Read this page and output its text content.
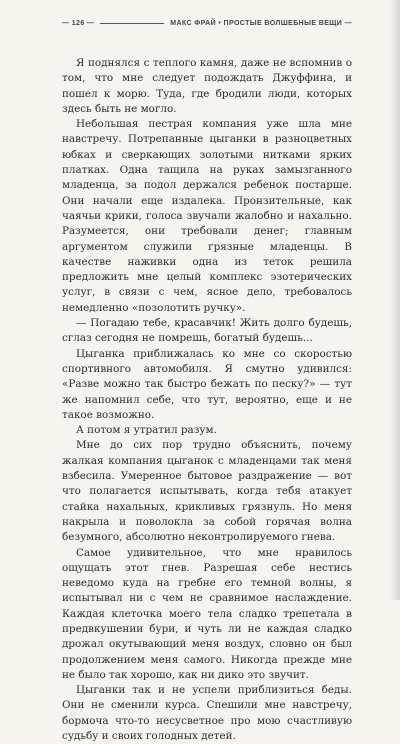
— 126 —	МАКС ФРАЙ • ПРОСТЫЕ ВОЛШЕБНЫЕ ВЕЩИ —

Я поднялся с теплого камня, даже не вспомнив о том, что мне следует подождать Джуффина, и пошел к морю. Туда, где бродили люди, которых здесь быть не могло.

Небольшая пестрая компания уже шла мне навстречу. Потрепанные цыганки в разноцветных юбках и сверкающих золотыми нитками ярких платках. Одна тащила на руках замызганного младенца, за подол держался ребенок постарше. Они начали еще издалека. Пронзительные, как чаячьи крики, голоса звучали жалобно и нахально. Разумеется, они требовали денег; главным аргументом служили грязные младенцы. В качестве наживки одна из теток решила предложить мне целый комплекс эзотерических услуг, в связи с чем, ясное дело, требовалось немедленно «позолотить ручку».

— Погадаю тебе, красавчик! Жить долго будешь, сглаз сегодня не помрешь, богатый будешь...

Цыганка приближалась ко мне со скоростью спортивного автомобиля. Я смутно удивился: «Разве можно так быстро бежать по песку?» — тут же напомнил себе, что тут, вероятно, еще и не такое возможно.

А потом я утратил разум.

Мне до сих пор трудно объяснить, почему жалкая компания цыганок с младенцами так меня взбесила. Умеренное бытовое раздражение — вот что полагается испытывать, когда тебя атакует стайка нахальных, крикливых грязнуль. Но меня накрыла и поволокла за собой горячая волна безумного, абсолютно неконтролируемого гнева.

Самое удивительное, что мне нравилось ощущать этот гнев. Разрешая себе нестись неведомо куда на гребне его темной волны, я испытывал ни с чем не сравнимое наслаждение. Каждая клеточка моего тела сладко трепетала в предвкушении бури, и чуть ли не каждая сладко дрожал окутывающий меня воздух, словно он был продолжением меня самого. Никогда прежде мне не было так хорошо, как ни дико это звучит.

Цыганки так и не успели приблизиться беды. Они не сменили курса. Спешили мне навстречу, бормоча что-то несусветное про мою счастливую судьбу и своих голодных детей.
